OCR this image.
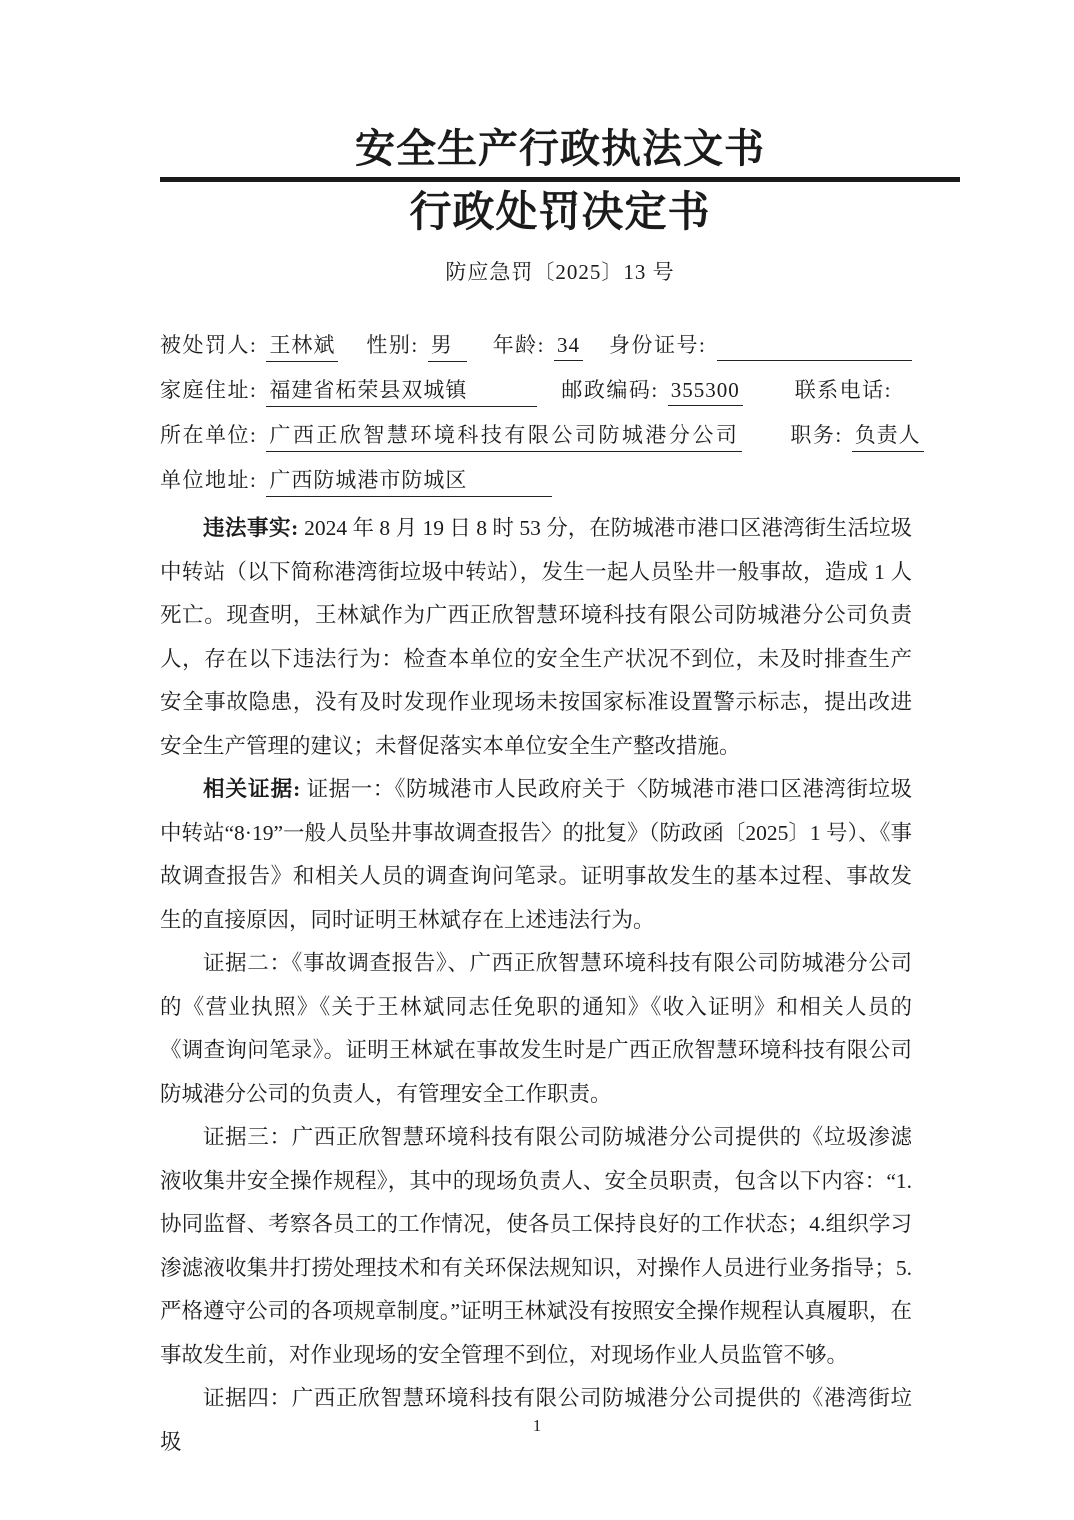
安全生产行政执法文书
行政处罚决定书
防应急罚〔2025〕13 号
被处罚人: 王林斌 性别: 男	年龄: 34 身份证号:
家庭住址: 福建省柘荣县双城镇	邮政编码: 355300	联系电话:
所在单位: 广西正欣智慧环境科技有限公司防城港分公司 职务: 负责人
单位地址: 广西防城港市防城区

违法事实: 2024 年 8 月 19 日 8 时 53 分，在防城港市港口区港湾街生活垃圾中转站（以下简称港湾街垃圾中转站），发生一起人员坠井一般事故，造成 1 人死亡。现查明，王林斌作为广西正欣智慧环境科技有限公司防城港分公司负责人，存在以下违法行为：检查本单位的安全生产状况不到位，未及时排查生产安全事故隐患，没有及时发现作业现场未按国家标准设置警示标志，提出改进安全生产管理的建议；未督促落实本单位安全生产整改措施。

相关证据: 证据一：《防城港市人民政府关于〈防城港市港口区港湾街垃圾中转站“8·19”一般人员坠井事故调查报告〉的批复》（防政函〔2025〕1 号）、《事故调查报告》和相关人员的调查询问笔录。证明事故发生的基本过程、事故发生的直接原因，同时证明王林斌存在上述违法行为。

证据二：《事故调查报告》、广西正欣智慧环境科技有限公司防城港分公司的《营业执照》《关于王林斌同志任免职的通知》《收入证明》和相关人员的《调查询问笔录》。证明王林斌在事故发生时是广西正欣智慧环境科技有限公司防城港分公司的负责人，有管理安全工作职责。

证据三：广西正欣智慧环境科技有限公司防城港分公司提供的《垃圾渗滤液收集井安全操作规程》，其中的现场负责人、安全员职责，包含以下内容：“1.协同监督、考察各员工的工作情况，使各员工保持良好的工作状态；4.组织学习渗滤液收集井打捞处理技术和有关环保法规知识，对操作人员进行业务指导；5.严格遵守公司的各项规章制度。”证明王林斌没有按照安全操作规程认真履职，在事故发生前，对作业现场的安全管理不到位，对现场作业人员监管不够。

证据四：广西正欣智慧环境科技有限公司防城港分公司提供的《港湾街垃圾

1
